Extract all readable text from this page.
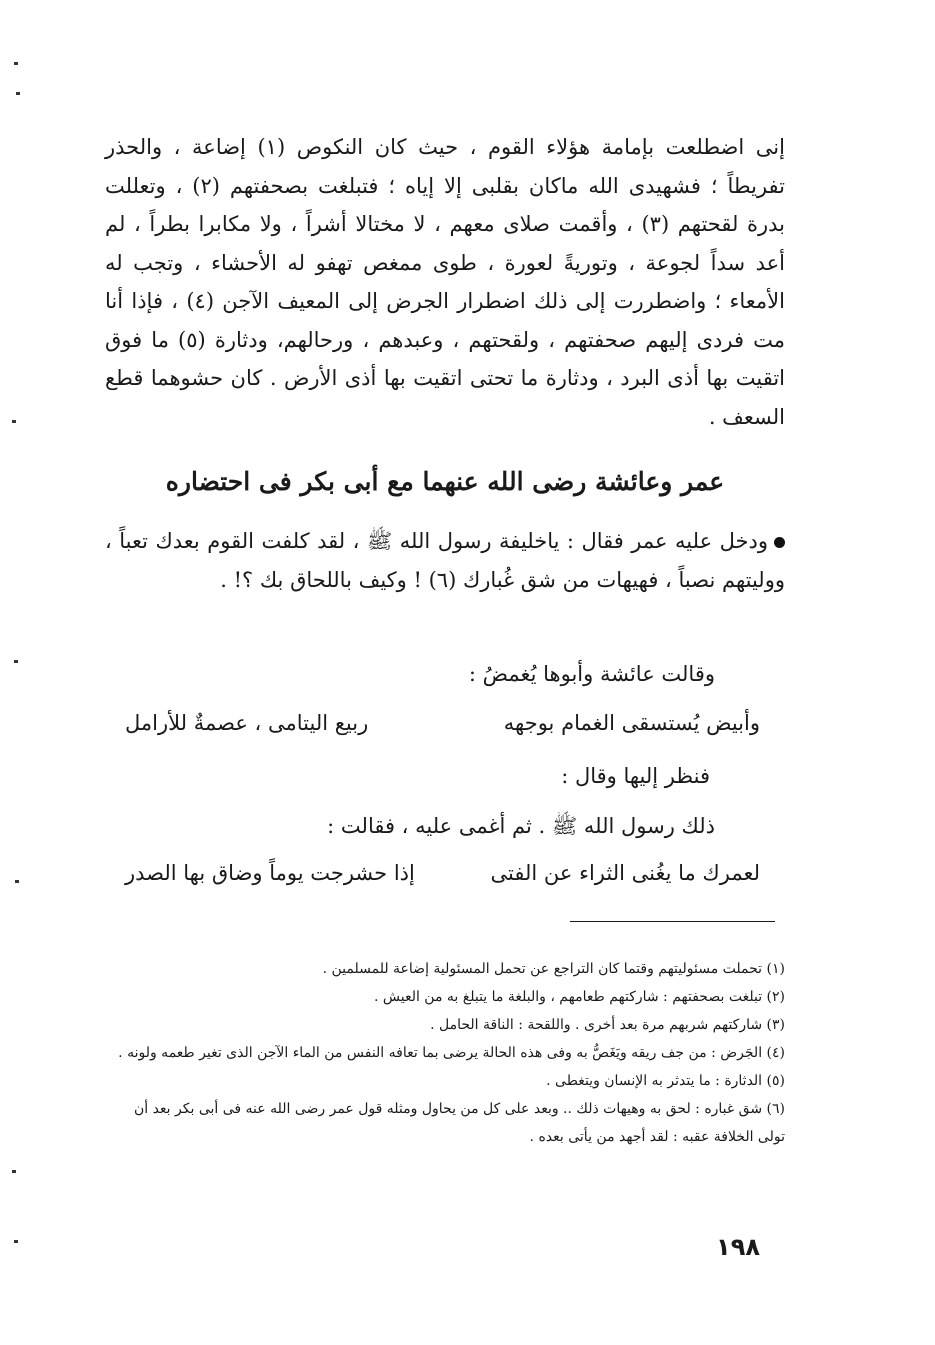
إنى اضطلعت بإمامة هؤلاء القوم ، حيث كان النكوص (١) إضاعة ، والحذر تفريطاً ؛ فشهيدى الله ماكان بقلبى إلا إياه ؛ فتبلغت بصحفتهم (٢) ، وتعللت بدرة لقحتهم (٣) ، وأقمت صلاى معهم ، لا مختالا أشراً ، ولا مكابرا بطراً ، لم أعد سداً لجوعة ، وتوريةً لعورة ، طوى ممغص تهفو له الأحشاء ، وتجب له الأمعاء ؛ واضطررت إلى ذلك اضطرار الجرض إلى المعيف الآجن (٤) ، فإذا أنا مت فردى إليهم صحفتهم ، ولقحتهم ، وعبدهم ، ورحالهم، ودثارة (٥) ما فوق اتقيت بها أذى البرد ، ودثارة ما تحتى اتقيت بها أذى الأرض . كان حشوهما قطع السعف .

عمر وعائشة رضى الله عنهما مع أبى بكر فى احتضاره

ودخل عليه عمر فقال : ياخليفة رسول الله ﷺ ، لقد كلفت القوم بعدك تعباً ، ووليتهم نصباً ، فهيهات من شق غُبارك (٦) ! وكيف باللحاق بك ؟! .

وقالت عائشة وأبوها يُغمضُ :
وأبيض يُستسقى الغمام بوجهه
ربيع اليتامى ، عصمةٌ للأرامل
فنظر إليها وقال :
ذلك رسول الله ﷺ . ثم أغمى عليه ، فقالت :
لعمرك ما يغُنى الثراء عن الفتى
إذا حشرجت يوماً وضاق بها الصدر

(١) تحملت مسئوليتهم وقتما كان التراجع عن تحمل المسئولية إضاعة للمسلمين .

(٢) تبلغت بصحفتهم : شاركتهم طعامهم ، والبلغة ما يتبلغ به من العيش .

(٣) شاركتهم شربهم مرة بعد أخرى . واللقحة : الناقة الحامل .

(٤) الجَرض : من جف ريقه ويَغَصُّ به وفى هذه الحالة يرضى بما تعافه النفس من الماء الآجن الذى تغير طعمه ولونه .

(٥) الدثارة : ما يتدثر به الإنسان ويتغطى .

(٦) شق غباره : لحق به وهيهات ذلك .. وبعد على كل من يحاول ومثله قول عمر رضى الله عنه فى أبى بكر بعد أن تولى الخلافة عقبه : لقد أجهد من يأتى بعده .

١٩٨
